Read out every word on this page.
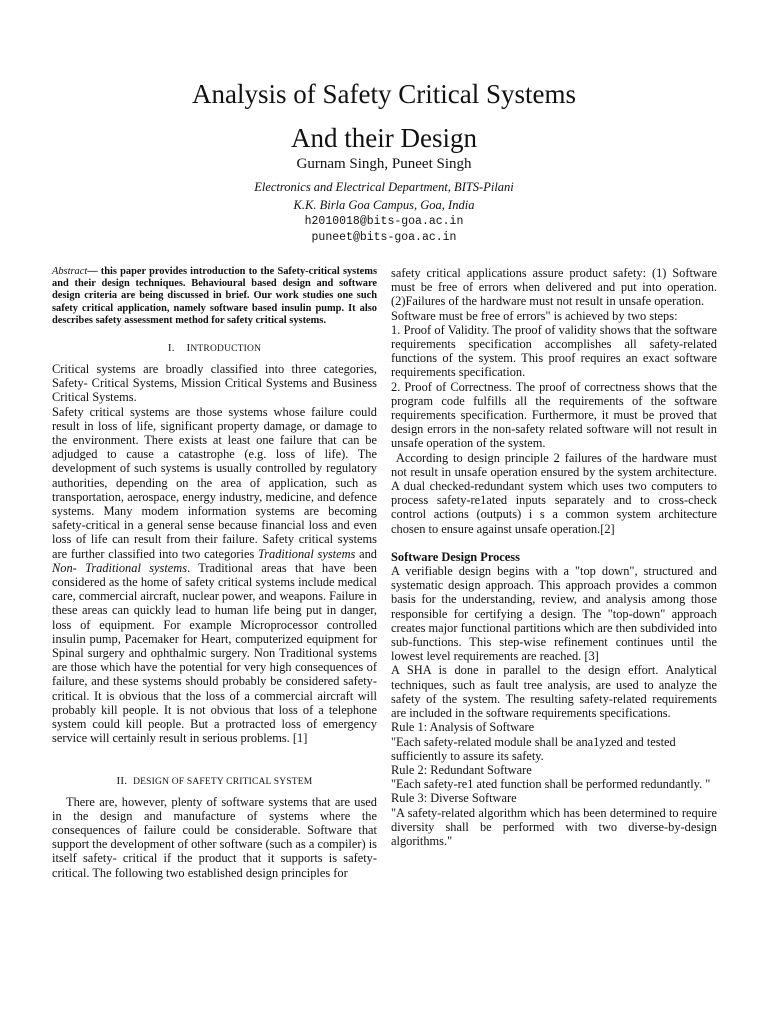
Analysis of Safety Critical Systems
And their Design
Gurnam Singh, Puneet Singh
Electronics and Electrical Department, BITS-Pilani
K.K. Birla Goa Campus, Goa, India
h2010018@bits-goa.ac.in
puneet@bits-goa.ac.in

Abstract— this paper provides introduction to the Safety-critical systems and their design techniques. Behavioural based design and software design criteria are being discussed in brief. Our work studies one such safety critical application, namely software based insulin pump. It also describes safety assessment method for safety critical systems.

I. INTRODUCTION

Critical systems are broadly classified into three categories, Safety- Critical Systems, Mission Critical Systems and Business Critical Systems.

Safety critical systems are those systems whose failure could result in loss of life, significant property damage, or damage to the environment. There exists at least one failure that can be adjudged to cause a catastrophe (e.g. loss of life). The development of such systems is usually controlled by regulatory authorities, depending on the area of application, such as transportation, aerospace, energy industry, medicine, and defence systems. Many modem information systems are becoming safety-critical in a general sense because financial loss and even loss of life can result from their failure. Safety critical systems are further classified into two categories Traditional systems and Non- Traditional systems. Traditional areas that have been considered as the home of safety critical systems include medical care, commercial aircraft, nuclear power, and weapons. Failure in these areas can quickly lead to human life being put in danger, loss of equipment. For example Microprocessor controlled insulin pump, Pacemaker for Heart, computerized equipment for Spinal surgery and ophthalmic surgery. Non Traditional systems are those which have the potential for very high consequences of failure, and these systems should probably be considered safety-critical. It is obvious that the loss of a commercial aircraft will probably kill people. It is not obvious that loss of a telephone system could kill people. But a protracted loss of emergency service will certainly result in serious problems. [1]

II. DESIGN OF SAFETY CRITICAL SYSTEM

There are, however, plenty of software systems that are used in the design and manufacture of systems where the consequences of failure could be considerable. Software that support the development of other software (such as a compiler) is itself safety- critical if the product that it supports is safety-critical. The following two established design principles for

safety critical applications assure product safety: (1) Software must be free of errors when delivered and put into operation. (2)Failures of the hardware must not result in unsafe operation.

Software must be free of errors" is achieved by two steps:

1. Proof of Validity. The proof of validity shows that the software requirements specification accomplishes all safety-related functions of the system. This proof requires an exact software requirements specification.

2. Proof of Correctness. The proof of correctness shows that the program code fulfills all the requirements of the software requirements specification. Furthermore, it must be proved that design errors in the non-safety related software will not result in unsafe operation of the system.

According to design principle 2 failures of the hardware must not result in unsafe operation ensured by the system architecture. A dual checked-redundant system which uses two computers to process safety-re1ated inputs separately and to cross-check control actions (outputs) i s a common system architecture chosen to ensure against unsafe operation.[2]

Software Design Process

A verifiable design begins with a "top down", structured and systematic design approach. This approach provides a common basis for the understanding, review, and analysis among those responsible for certifying a design. The "top-down" approach creates major functional partitions which are then subdivided into sub-functions. This step-wise refinement continues until the lowest level requirements are reached. [3]

A SHA is done in parallel to the design effort. Analytical techniques, such as fault tree analysis, are used to analyze the safety of the system. The resulting safety-related requirements are included in the software requirements specifications.

Rule 1: Analysis of Software

"Each safety-related module shall be ana1yzed and tested sufficiently to assure its safety.

Rule 2: Redundant Software

"Each safety-re1 ated function shall be performed redundantly. "

Rule 3: Diverse Software

"A safety-related algorithm which has been determined to require diversity shall be performed with two diverse-by-design algorithms."
